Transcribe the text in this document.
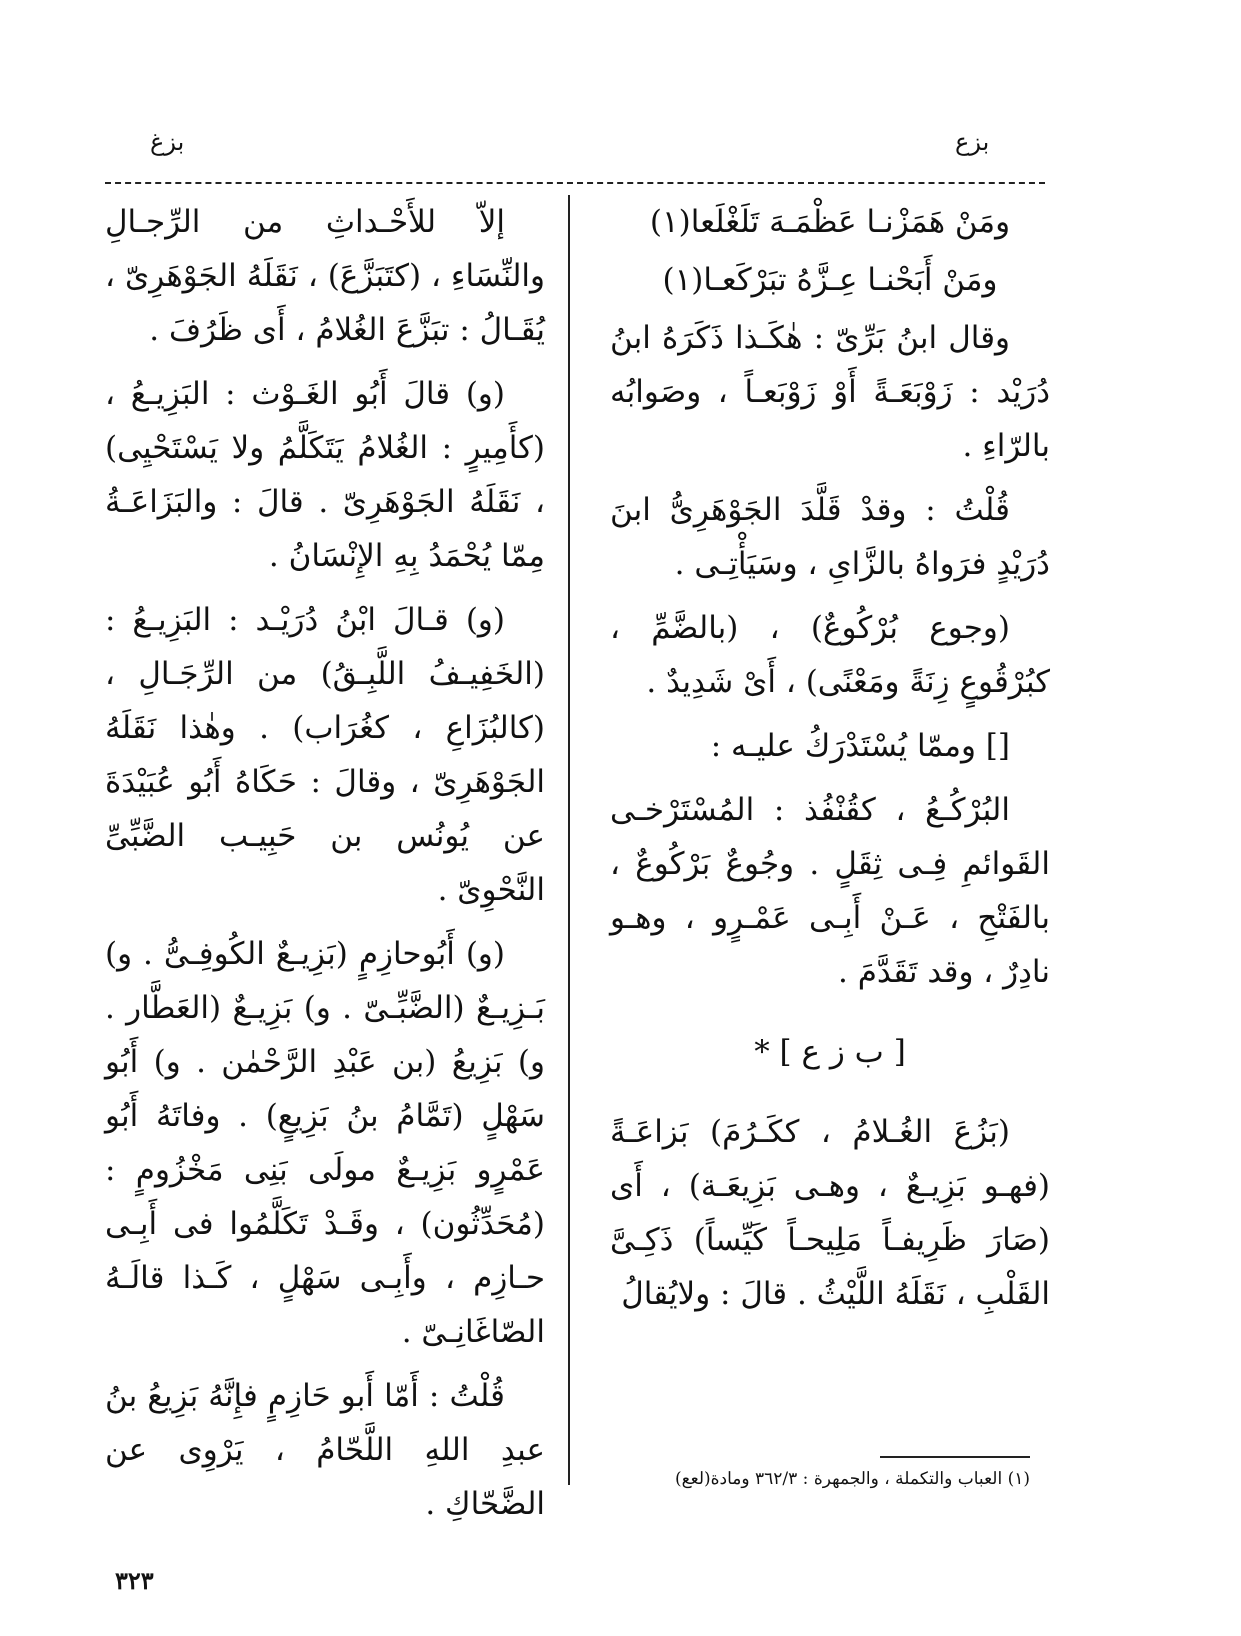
بزغ	بزع

ومَنْ هَمَزْنـا عَظْمَـهَ تَلَغْلَعا(١)

ومَنْ أَبَحْنـا عِـزَّهُ تبَرْكَعـا(١)

وقال ابنُ بَرِّىّ : هٰكَـذا ذَكَرَهُ ابنُ دُرَيْد : زَوْبَعَـةً أَوْ زَوْبَعـاً ، وصَوابُه بالرّاءِ .

قُلْتُ : وقدْ قَلَّدَ الجَوْهَرِىُّ ابنَ دُرَيْدٍ فرَواهُ بالزَّاىِ ، وسَيَأْتِـى .

(وجوع بُرْكُوعٌ) ، (بالضَّمِّ ، كبُرْقُوعٍ زِنَةً ومَعْنًى) ، أَىْ شَدِيدٌ .

[] وممّا يُسْتَدْرَكُ عليـه :

البُرْكُـعُ ، كقُنْفُذ : المُسْتَرْخـى القَوائمِ فِـى ثِقَلٍ . وجُوعٌ بَرْكُوعٌ ، بالفَتْحِ ، عَـنْ أَبِـى عَمْـرٍو ، وهـو نادِرٌ ، وقد تَقَدَّمَ .

[ ب ز ع ] *

(بَزُعَ الغُـلامُ ، ككَـرُمَ) بَزاعَـةً (فهـو بَزِيـعٌ ، وهـى بَزِيعَـة) ، أَى (صَارَ ظَرِيفـاً مَلِيحـاً كَيِّساً) ذَكِـىَّ القَلْبِ ، نَقَلَهُ اللَّيْثُ . قالَ : ولايُقالُ

إلاّ للأَحْـداثِ من الرِّجـالِ والنِّسَاءِ ، (كتَبَزَّعَ) ، نَقَلَهُ الجَوْهَرِىّ ، يُقَـالُ : تبَزَّعَ الغُلامُ ، أَى ظَرُفَ .

(و) قالَ أَبُو الغَـوْث : البَزِيـعُ ، (كأَمِيرٍ : الغُلامُ يَتَكَلَّمُ ولا يَسْتَحْيِى) ، نَقَلَهُ الجَوْهَرِىّ . قالَ : والبَزَاعَـةُ مِمّا يُحْمَدُ بِهِ الإِنْسَانُ .

(و) قـالَ ابْنُ دُرَيْـد : البَزِيـعُ : (الخَفِيـفُ اللَّبِـقُ) من الرِّجَـالِ ، (كالبُزَاعِ ، كغُرَاب) . وهٰذا نَقَلَهُ الجَوْهَرِىّ ، وقالَ : حَكَاهُ أَبُو عُبَيْدَةَ عن يُونُس بن حَبِيـب الضَّبِّىِّ النَّحْوِىّ .

(و) أَبُوحازِمٍ (بَزِيـعٌ الكُوفِـىُّ . و) بَـزِيـعٌ (الضَّبِّـىّ . و) بَزِيـعٌ (العَطَّار . و) بَزِيعُ (بن عَبْدِ الرَّحْمٰن . و) أَبُو سَهْلٍ (تَمَّامُ بنُ بَزِيعٍ) . وفاتَهُ أَبُو عَمْرٍو بَزِيـعٌ مولَى بَنِى مَخْزُومٍ : (مُحَدِّثُون) ، وقَـدْ تَكَلَّمُوا فى أَبِـى حـازِم ، وأَبِـى سَهْلٍ ، كَـذا قالَـهُ الصّاغَانِـىّ .

قُلْتُ : أَمّا أَبو حَازِمٍ فإِنَّهُ بَزِيعُ بنُ عبدِ اللهِ اللَّحّامُ ، يَرْوِى عن الضَّحّاكِ .

(١) العباب والتكملة ، والجمهرة : ٣٦٢/٣ ومادة(لعع)
٣٢٣
